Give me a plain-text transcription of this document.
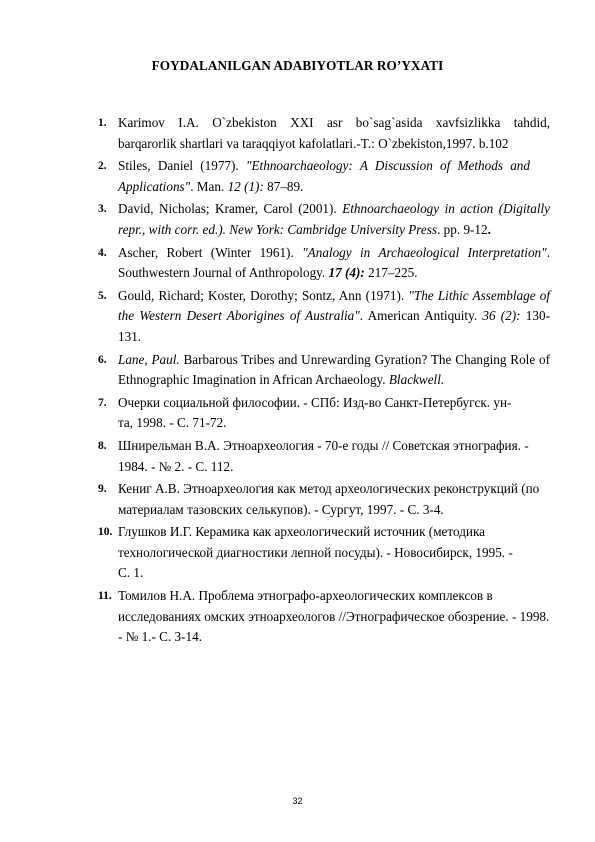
FOYDALANILGAN ADABIYOTLAR RO’YXATI
1. Karimov I.A. O`zbekiston XXI asr bo`sag`asida xavfsizlikka tahdid,
barqarorlik shartlari va taraqqiyot kafolatlari.-T.: O`zbekiston,1997. b.102
2. Stiles, Daniel (1977). "Ethnoarchaeology: A Discussion of Methods and Applications". Man. 12 (1): 87–89.
3. David, Nicholas; Kramer, Carol (2001). Ethnoarchaeology in action (Digitally repr., with corr. ed.). New York: Cambridge University Press. pp. 9-12.
4. Ascher, Robert (Winter 1961). "Analogy in Archaeological Interpretation". Southwestern Journal of Anthropology. 17 (4): 217–225.
5. Gould, Richard; Koster, Dorothy; Sontz, Ann (1971). "The Lithic Assemblage of the Western Desert Aborigines of Australia". American Antiquity. 36 (2): 130-131.
6. Lane, Paul. Barbarous Tribes and Unrewarding Gyration? The Changing Role of Ethnographic Imagination in African Archaeology. Blackwell.
7. Очерки социальной философии. - СПб: Изд-во Санкт-Петербугск. ун-та, 1998. - С. 71-72.
8. Шнирельман В.А. Этноархеология - 70-е годы // Советская этнография. - 1984. - № 2. - С. 112.
9. Кениг А.В. Этноархеология как метод археологических реконструкций (по материалам тазовских селькупов). - Сургут, 1997. - С. 3-4.
10. Глушков И.Г. Керамика как археологический источник (методика технологической диагностики лепной посуды). - Новосибирск, 1995. - С. 1.
11. Томилов Н.А. Проблема этнографо-археологических комплексов в исследованиях омских этноархеологов //Этнографическое обозрение. - 1998. - № 1.- С. 3-14.
32
